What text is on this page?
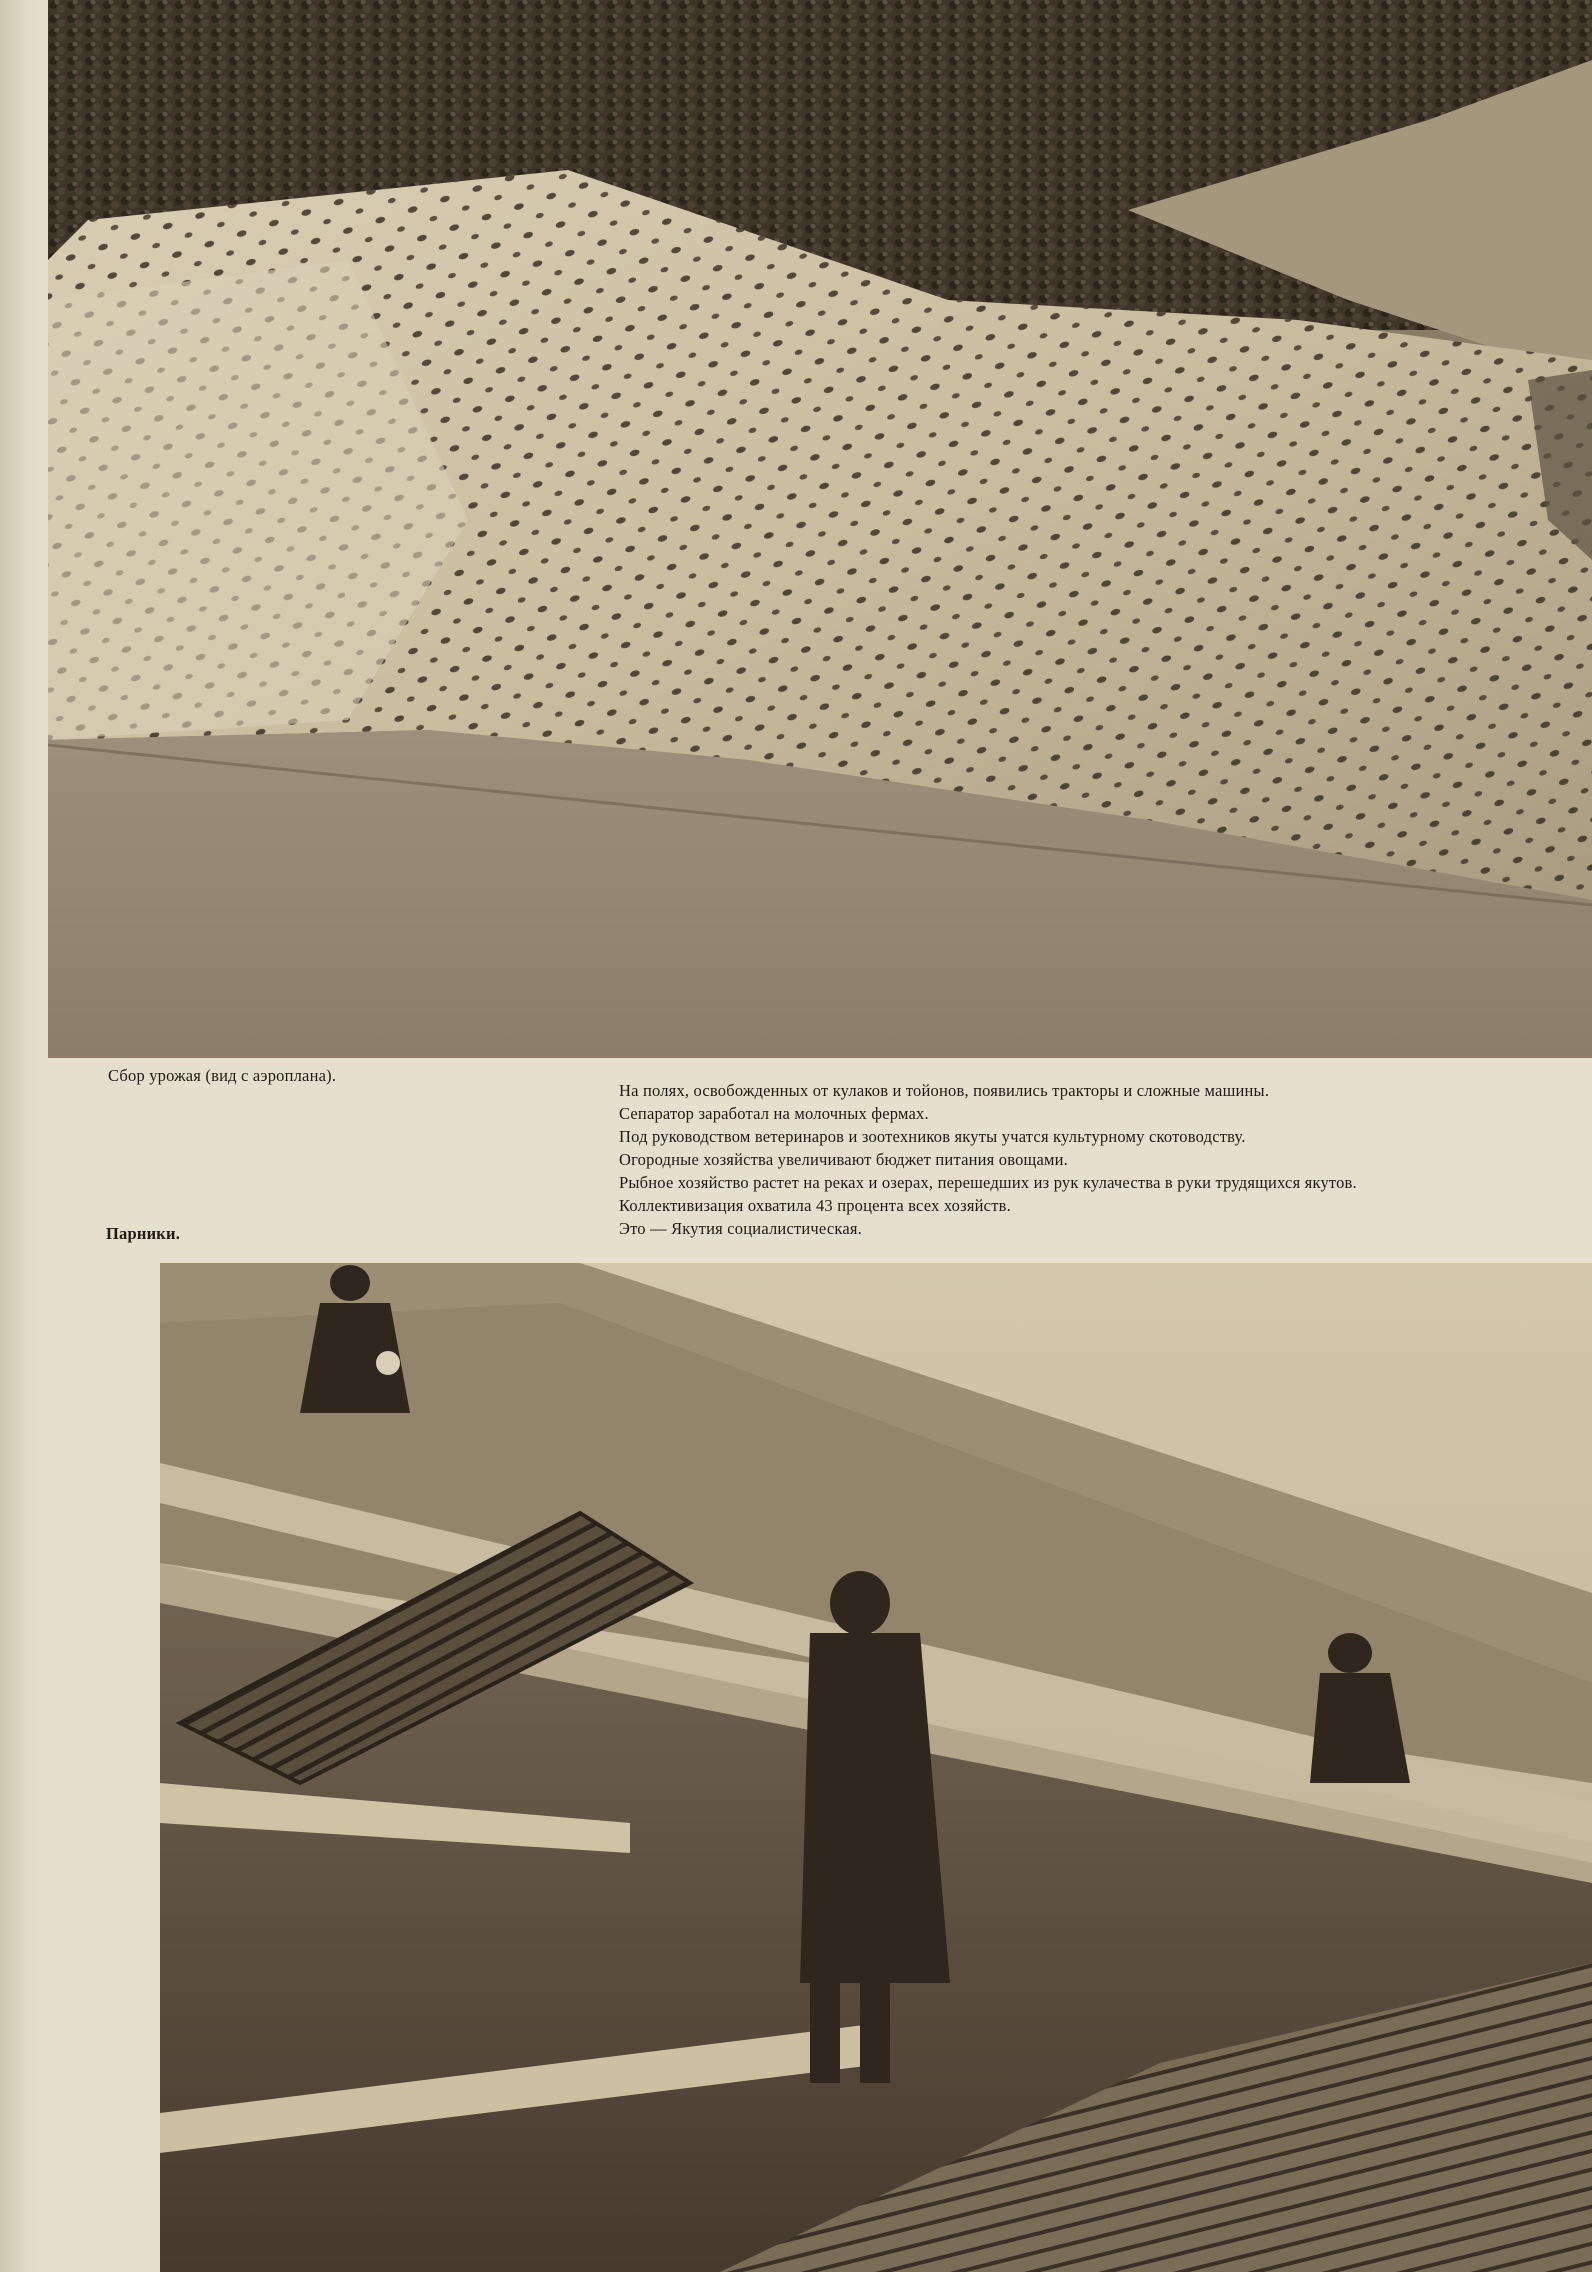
Сбор урожая (вид с аэроплана).

На полях, освобожденных от кулаков и тойонов, появились тракторы и сложные машины.

Сепаратор заработал на молочных фермах.

Под руководством ветеринаров и зоотехников якуты учатся культурному скотоводству.

Огородные хозяйства увеличивают бюджет питания овощами.

Рыбное хозяйство растет на реках и озерах, перешедших из рук кулачества в руки трудящихся якутов.

Коллективизация охватила 43 процента всех хозяйств.

Это — Якутия социалистическая.

Парники.
